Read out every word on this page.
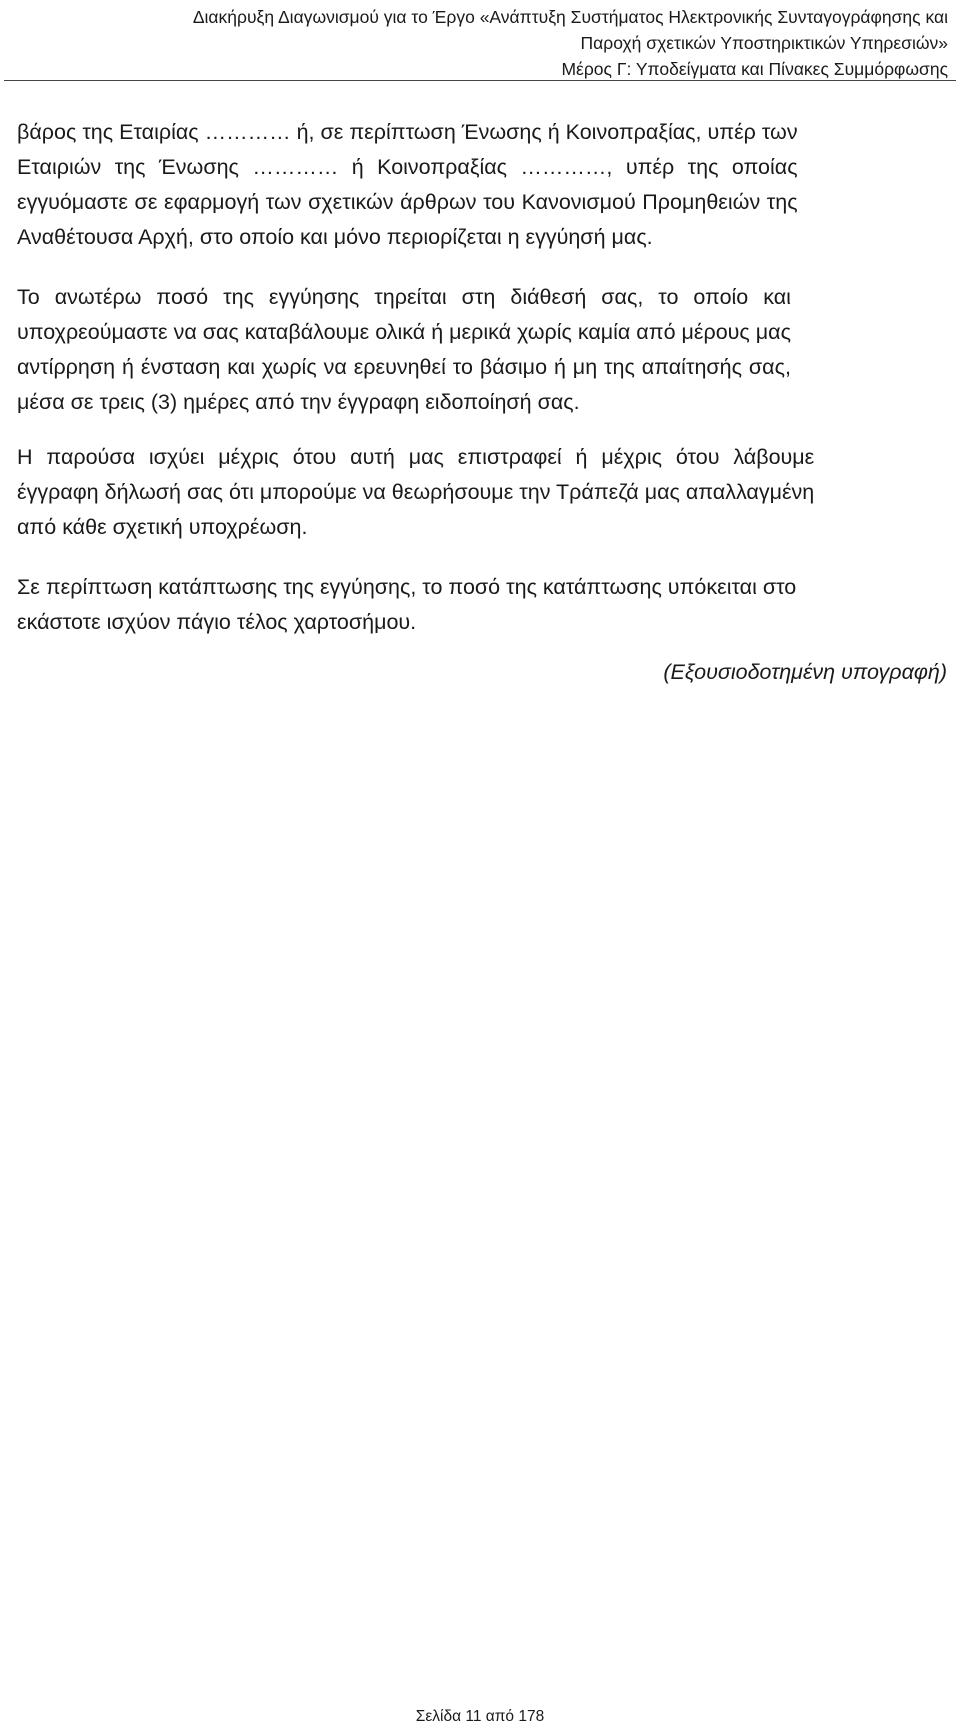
Διακήρυξη Διαγωνισμού για το Έργο «Ανάπτυξη Συστήματος Ηλεκτρονικής Συνταγογράφησης και
Παροχή σχετικών Υποστηρικτικών Υπηρεσιών»
Μέρος Γ: Υποδείγματα και Πίνακες Συμμόρφωσης

βάρος της Εταιρίας ………… ή, σε περίπτωση Ένωσης ή Κοινοπραξίας, υπέρ των
Εταιριών της Ένωσης ………… ή Κοινοπραξίας …………, υπέρ της οποίας
εγγυόμαστε σε εφαρμογή των σχετικών άρθρων του Κανονισμού Προμηθειών της
Αναθέτουσα Αρχή, στο οποίο και μόνο περιορίζεται η εγγύησή μας.

Το ανωτέρω ποσό της εγγύησης τηρείται στη διάθεσή σας, το οποίο και
υποχρεούμαστε να σας καταβάλουμε ολικά ή μερικά χωρίς καμία από μέρους μας
αντίρρηση ή ένσταση και χωρίς να ερευνηθεί το βάσιμο ή μη της απαίτησής σας,
μέσα σε τρεις (3) ημέρες από την έγγραφη ειδοποίησή σας.

Η παρούσα ισχύει μέχρις ότου αυτή μας επιστραφεί ή μέχρις ότου λάβουμε
έγγραφη δήλωσή σας ότι μπορούμε να θεωρήσουμε την Τράπεζά μας απαλλαγμένη
από κάθε σχετική υποχρέωση.

Σε περίπτωση κατάπτωσης της εγγύησης, το ποσό της κατάπτωσης υπόκειται στο
εκάστοτε ισχύον πάγιο τέλος χαρτοσήμου.

(Εξουσιοδοτημένη υπογραφή)
Σελίδα 11 από 178
